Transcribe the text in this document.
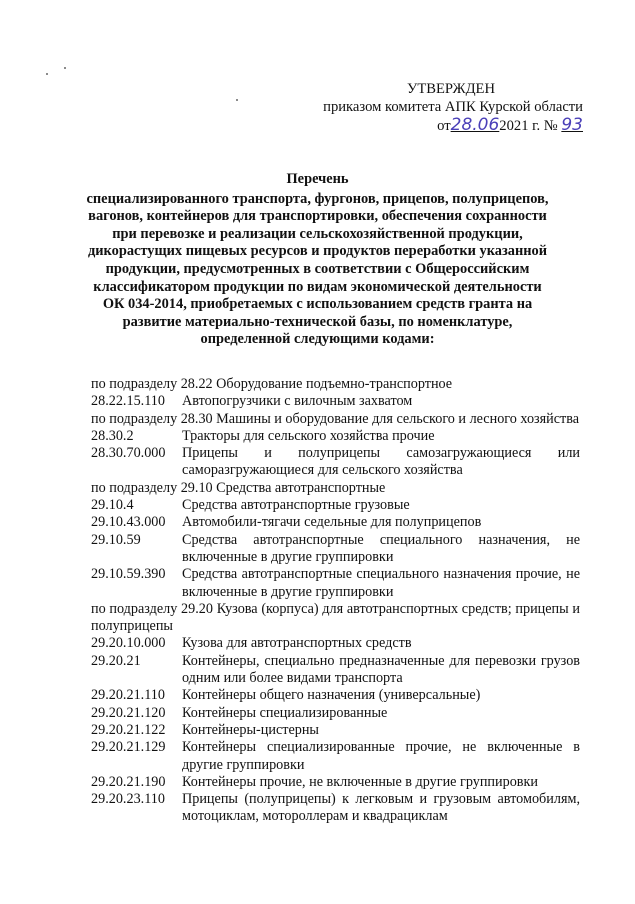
УТВЕРЖДЕН
приказом комитета АПК Курской области
от28.062021 г. № 93
Перечень
специализированного транспорта, фургонов, прицепов, полуприцепов,
вагонов, контейнеров для транспортировки, обеспечения сохранности
при перевозке и реализации сельскохозяйственной продукции,
дикорастущих пищевых ресурсов и продуктов переработки указанной
продукции, предусмотренных в соответствии с Общероссийским
классификатором продукции по видам экономической деятельности
ОК 034-2014, приобретаемых с использованием средств гранта на
развитие материально-технической базы, по номенклатуре,
определенной следующими кодами:
по подразделу 28.22 Оборудование подъемно-транспортное
28.22.15.110	Автопогрузчики с вилочным захватом
по подразделу 28.30 Машины и оборудование для сельского и лесного хозяйства
28.30.2	Тракторы для сельского хозяйства прочие
28.30.70.000	Прицепы и полуприцепы самозагружающиеся или саморазгружающиеся для сельского хозяйства
по подразделу 29.10 Средства автотранспортные
29.10.4	Средства автотранспортные грузовые
29.10.43.000	Автомобили-тягачи седельные для полуприцепов
29.10.59	Средства автотранспортные специального назначения, не включенные в другие группировки
29.10.59.390	Средства автотранспортные специального назначения прочие, не включенные в другие группировки
по подразделу 29.20 Кузова (корпуса) для автотранспортных средств; прицепы и полуприцепы
29.20.10.000	Кузова для автотранспортных средств
29.20.21	Контейнеры, специально предназначенные для перевозки грузов одним или более видами транспорта
29.20.21.110	Контейнеры общего назначения (универсальные)
29.20.21.120	Контейнеры специализированные
29.20.21.122	Контейнеры-цистерны
29.20.21.129	Контейнеры специализированные прочие, не включенные в другие группировки
29.20.21.190	Контейнеры прочие, не включенные в другие группировки
29.20.23.110	Прицепы (полуприцепы) к легковым и грузовым автомобилям, мотоциклам, мотороллерам и квадрациклам
